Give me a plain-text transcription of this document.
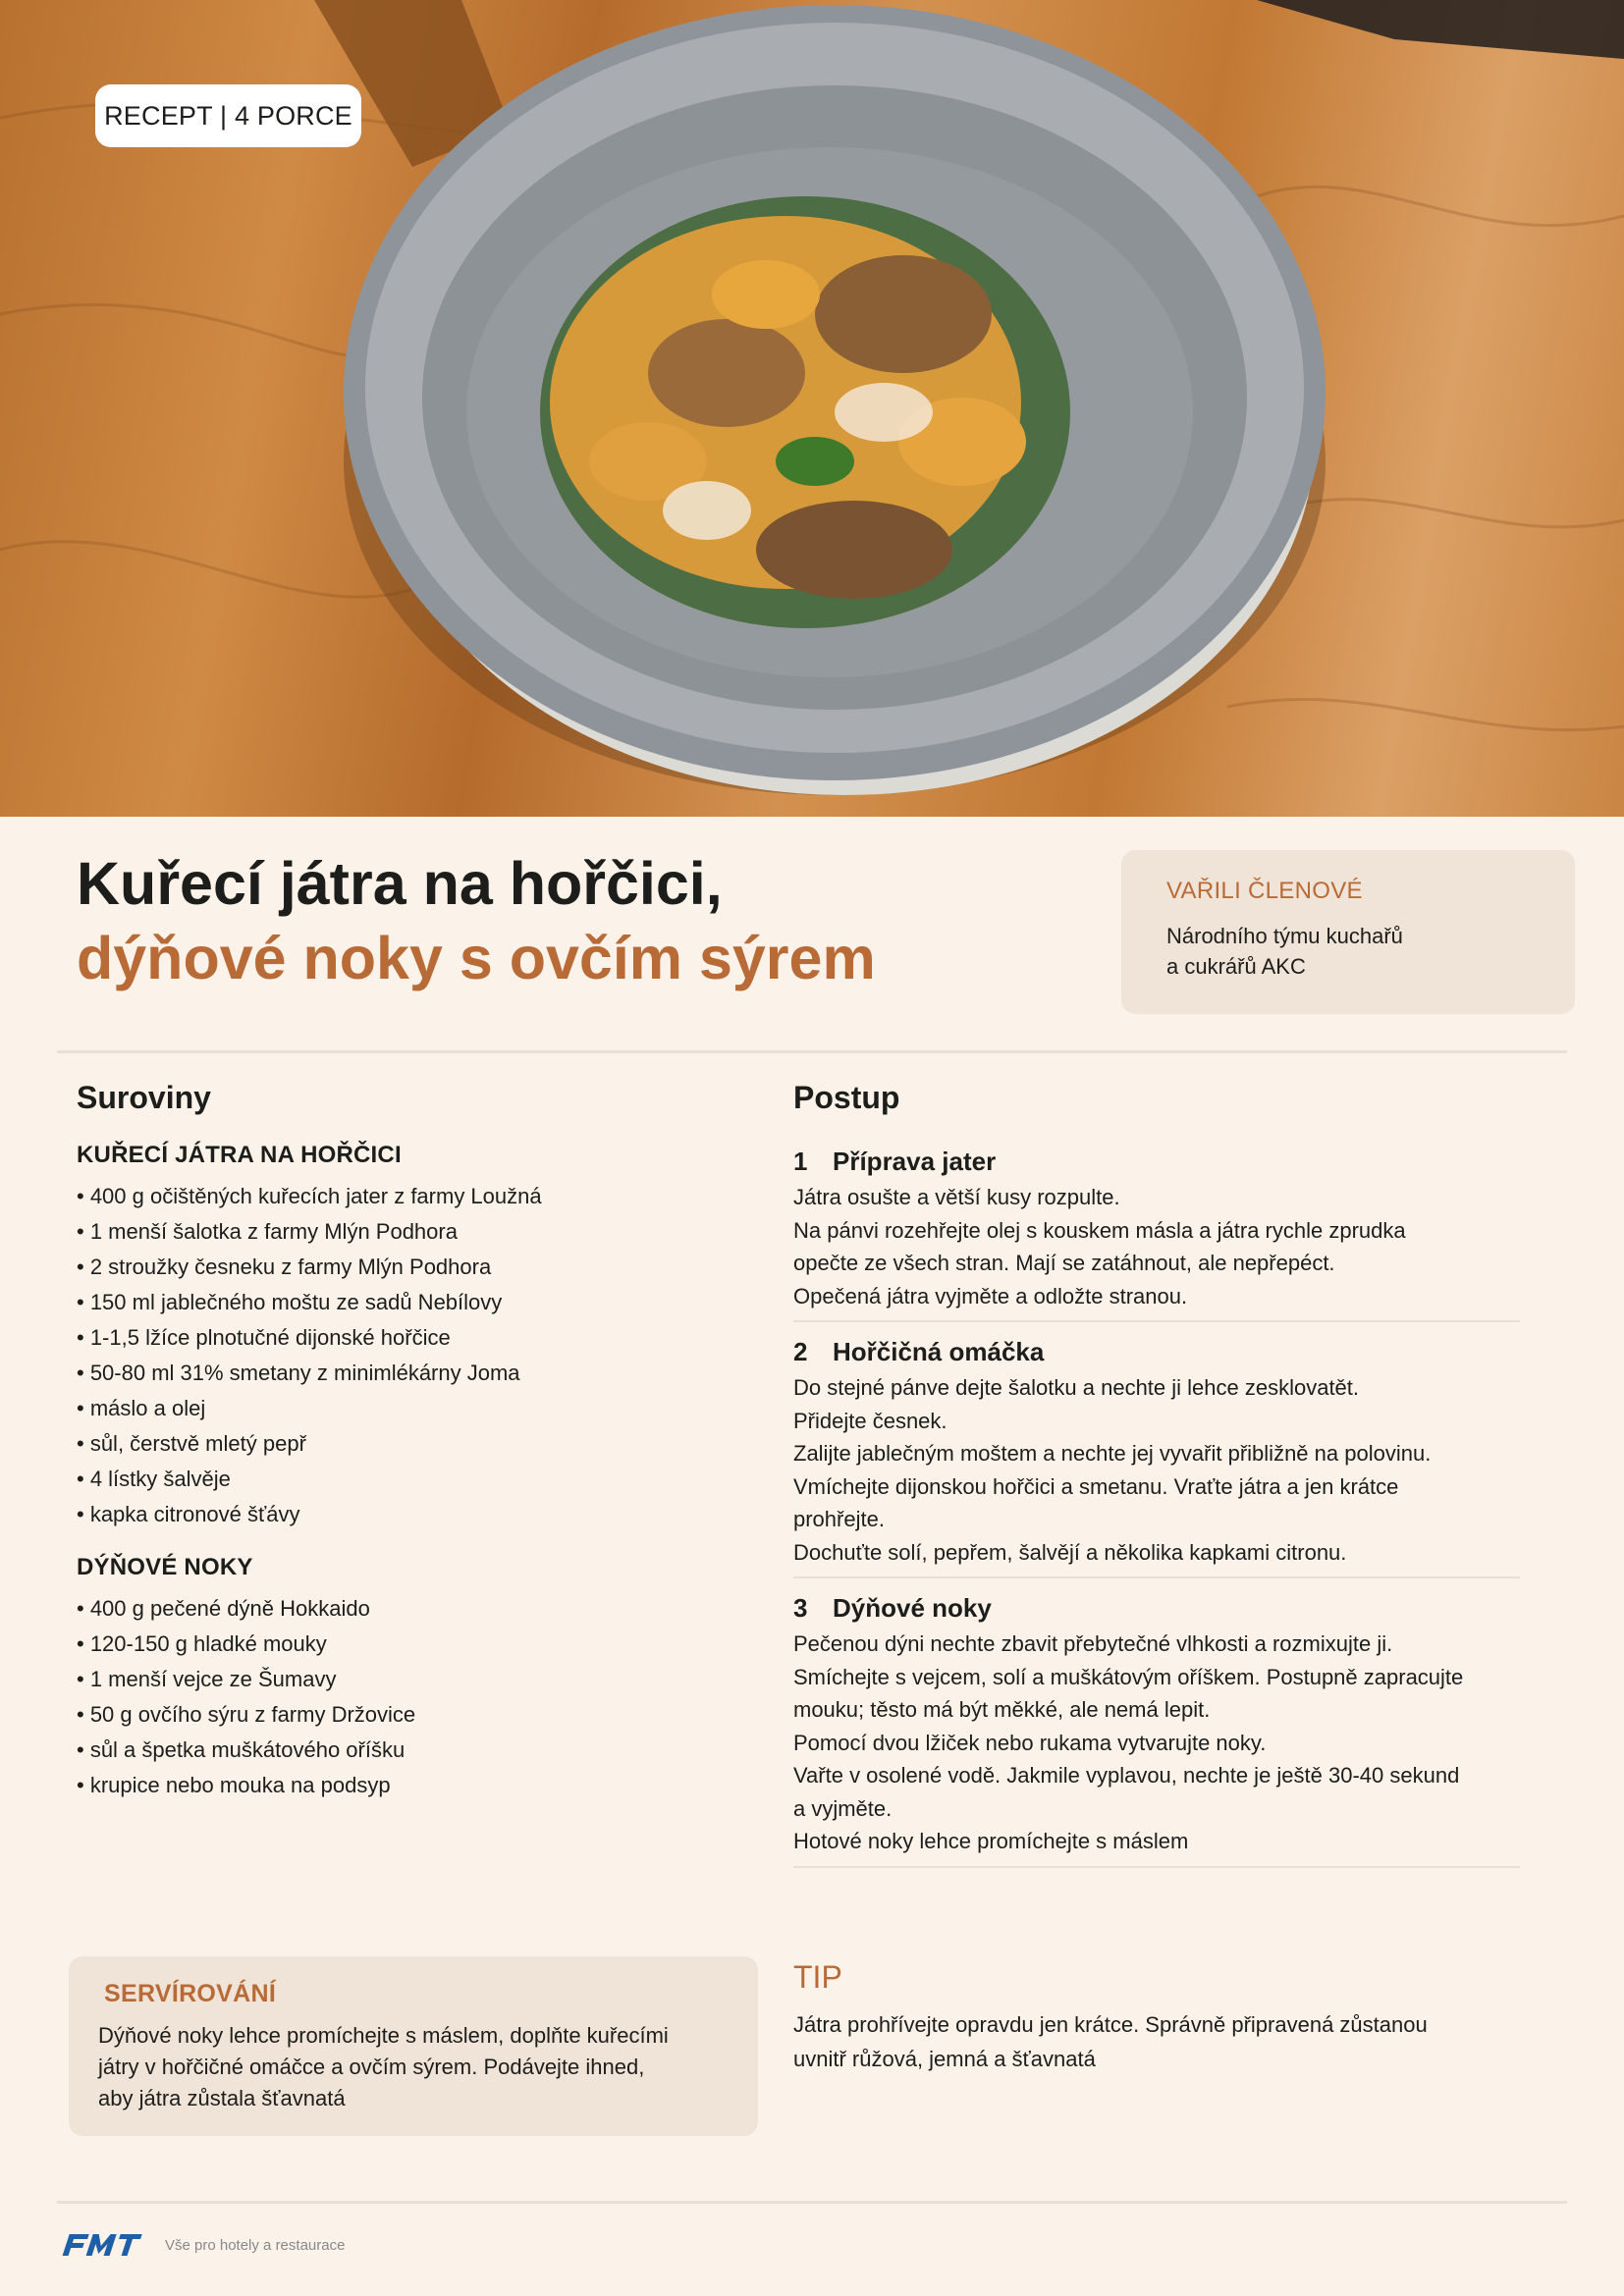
RECEPT | 4 PORCE
Kuřecí játra na hořčici,
dýňové noky s ovčím sýrem
VAŘILI ČLENOVÉ
Národního týmu kuchařů
a cukrářů AKC
Suroviny
KUŘECÍ JÁTRA NA HOŘČICI
• 400 g očištěných kuřecích jater z farmy Loužná
• 1 menší šalotka z farmy Mlýn Podhora
• 2 stroužky česneku z farmy Mlýn Podhora
• 150 ml jablečného moštu ze sadů Nebílovy
• 1-1,5 lžíce plnotučné dijonské hořčice
• 50-80 ml 31% smetany z minimlékárny Joma
• máslo a olej
• sůl, čerstvě mletý pepř
• 4 lístky šalvěje
• kapka citronové šťávy
DÝŇOVÉ NOKY
• 400 g pečené dýně Hokkaido
• 120-150 g hladké mouky
• 1 menší vejce ze Šumavy
• 50 g ovčího sýru z farmy Držovice
• sůl a špetka muškátového oříšku
• krupice nebo mouka na podsyp
Postup
1 Příprava jater
Játra osušte a větší kusy rozpulte.
Na pánvi rozehřejte olej s kouskem másla a játra rychle zprudka
opečte ze všech stran. Mají se zatáhnout, ale nepřepéct.
Opečená játra vyjměte a odložte stranou.
2 Hořčičná omáčka
Do stejné pánve dejte šalotku a nechte ji lehce zesklovatět.
Přidejte česnek.
Zalijte jablečným moštem a nechte jej vyvařit přibližně na polovinu.
Vmíchejte dijonskou hořčici a smetanu. Vraťte játra a jen krátce
prohřejte.
Dochuťte solí, pepřem, šalvějí a několika kapkami citronu.
3 Dýňové noky
Pečenou dýni nechte zbavit přebytečné vlhkosti a rozmixujte ji.
Smíchejte s vejcem, solí a muškátovým oříškem. Postupně zapracujte
mouku; těsto má být měkké, ale nemá lepit.
Pomocí dvou lžiček nebo rukama vytvarujte noky.
Vařte v osolené vodě. Jakmile vyplavou, nechte je ještě 30-40 sekund
a vyjměte.
Hotové noky lehce promíchejte s máslem
SERVÍROVÁNÍ
Dýňové noky lehce promíchejte s máslem, doplňte kuřecími
játry v hořčičné omáčce a ovčím sýrem. Podávejte ihned,
aby játra zůstala šťavnatá
TIP
Játra prohřívejte opravdu jen krátce. Správně připravená zůstanou
uvnitř růžová, jemná a šťavnatá
Vše pro hotely a restaurace
